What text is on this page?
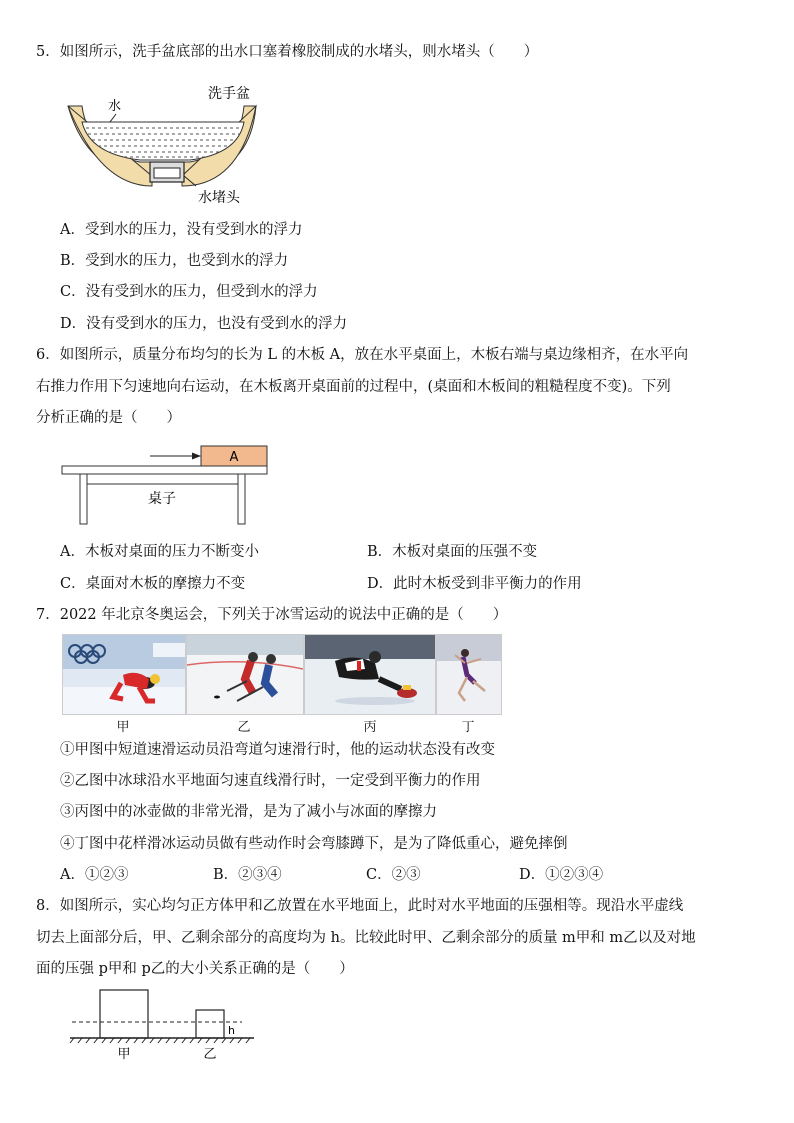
5．如图所示，洗手盆底部的出水口塞着橡胶制成的水堵头，则水堵头（　　）
洗手盆
水
水堵头
A．受到水的压力，没有受到水的浮力
B．受到水的压力，也受到水的浮力
C．没有受到水的压力，但受到水的浮力
D．没有受到水的压力，也没有受到水的浮力
6．如图所示，质量分布均匀的长为 L 的木板 A，放在水平桌面上，木板右端与桌边缘相齐，在水平向
右推力作用下匀速地向右运动，在木板离开桌面前的过程中，(桌面和木板间的粗糙程度不变)。下列
分析正确的是（　　）
A
桌子
A．木板对桌面的压力不断变小	B．木板对桌面的压强不变
C．桌面对木板的摩擦力不变	D．此时木板受到非平衡力的作用
7．2022 年北京冬奥运会，下列关于冰雪运动的说法中正确的是（　　）
甲	乙	丙	丁
①甲图中短道速滑运动员沿弯道匀速滑行时，他的运动状态没有改变
②乙图中冰球沿水平地面匀速直线滑行时，一定受到平衡力的作用
③丙图中的冰壶做的非常光滑，是为了减小与冰面的摩擦力
④丁图中花样滑冰运动员做有些动作时会弯膝蹲下，是为了降低重心，避免摔倒
A．①②③	B．②③④	C．②③	D．①②③④
8．如图所示，实心均匀正方体甲和乙放置在水平地面上，此时对水平地面的压强相等。现沿水平虚线
切去上面部分后，甲、乙剩余部分的高度均为 h。比较此时甲、乙剩余部分的质量 m甲和 m乙以及对地
面的压强 p甲和 p乙的大小关系正确的是（　　）
h
甲	乙
